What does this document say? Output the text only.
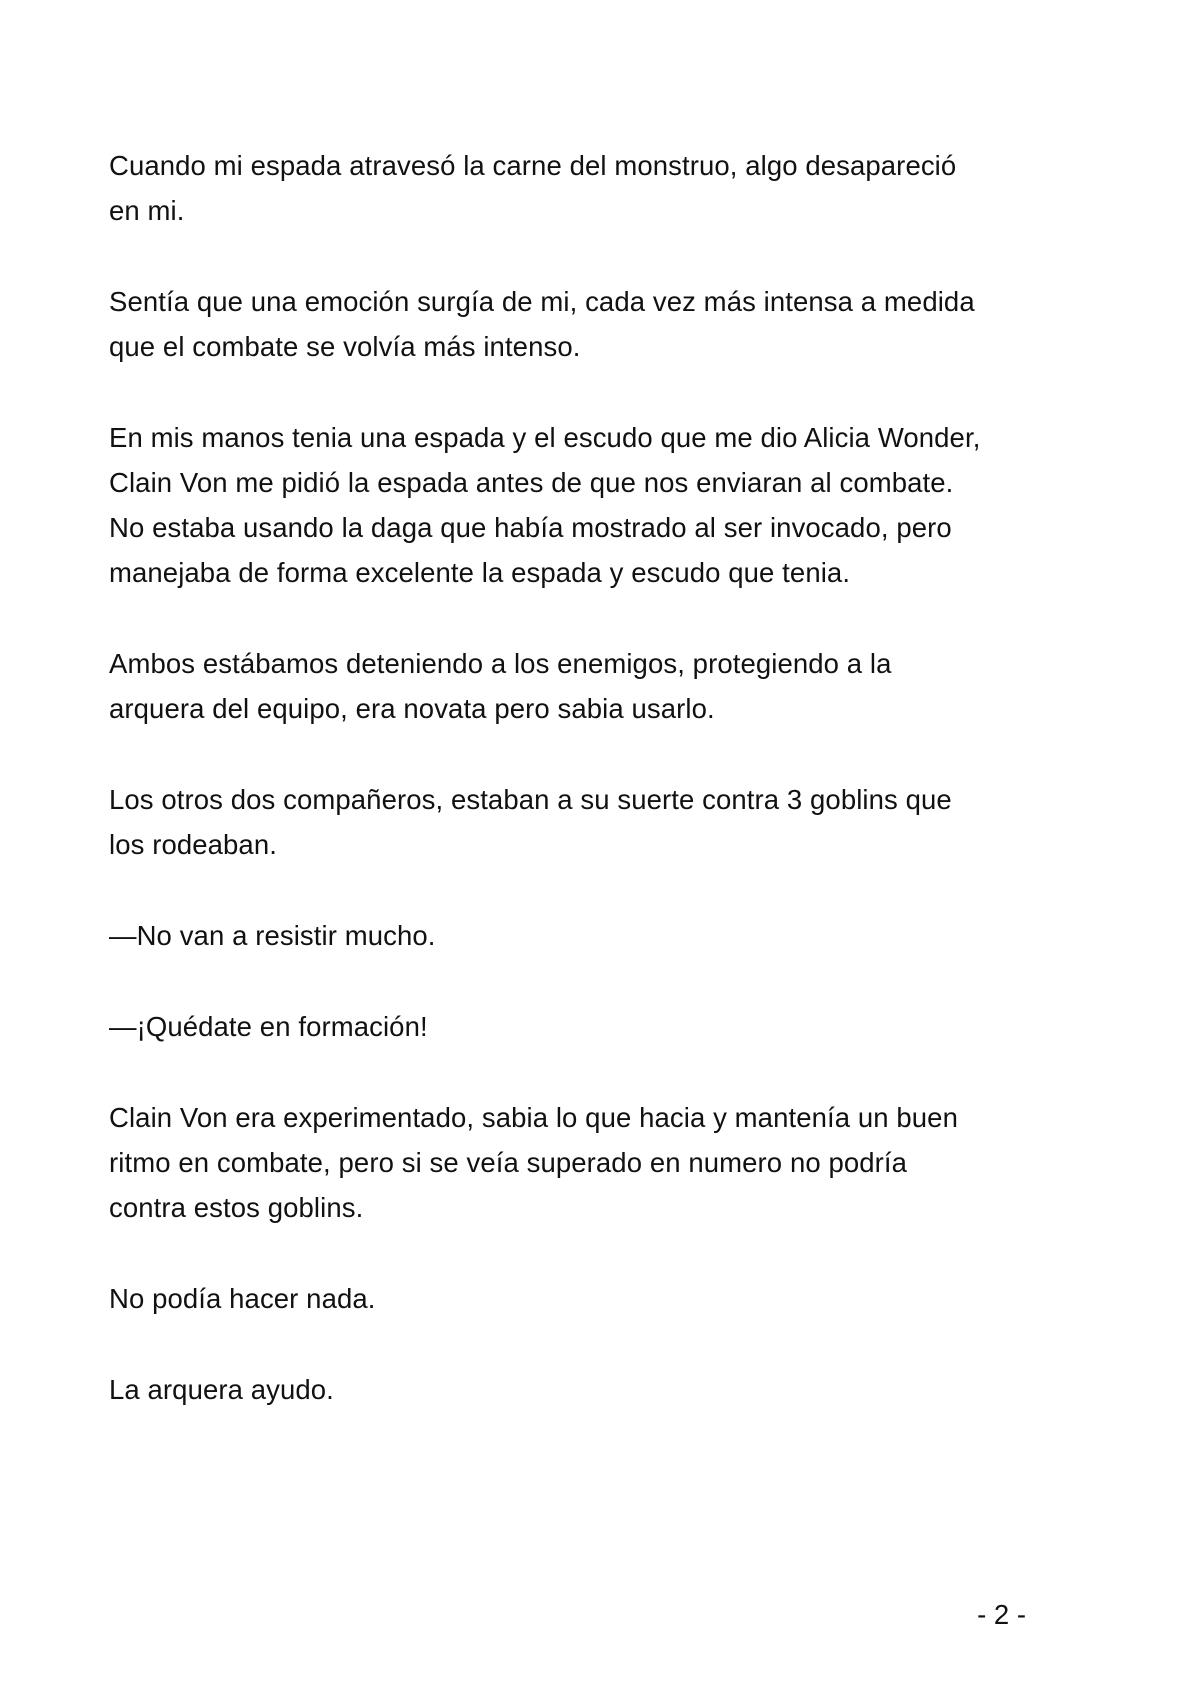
Cuando mi espada atravesó la carne del monstruo, algo desapareció
en mi.

Sentía que una emoción surgía de mi, cada vez más intensa a medida
que el combate se volvía más intenso.

En mis manos tenia una espada y el escudo que me dio Alicia Wonder,
Clain Von me pidió la espada antes de que nos enviaran al combate.
No estaba usando la daga que había mostrado al ser invocado, pero
manejaba de forma excelente la espada y escudo que tenia.

Ambos estábamos deteniendo a los enemigos, protegiendo a la
arquera del equipo, era novata pero sabia usarlo.

Los otros dos compañeros, estaban a su suerte contra 3 goblins que
los rodeaban.

—No van a resistir mucho.

—¡Quédate en formación!

Clain Von era experimentado, sabia lo que hacia y mantenía un buen
ritmo en combate, pero si se veía superado en numero no podría
contra estos goblins.

No podía hacer nada.

La arquera ayudo.

- 2 -
